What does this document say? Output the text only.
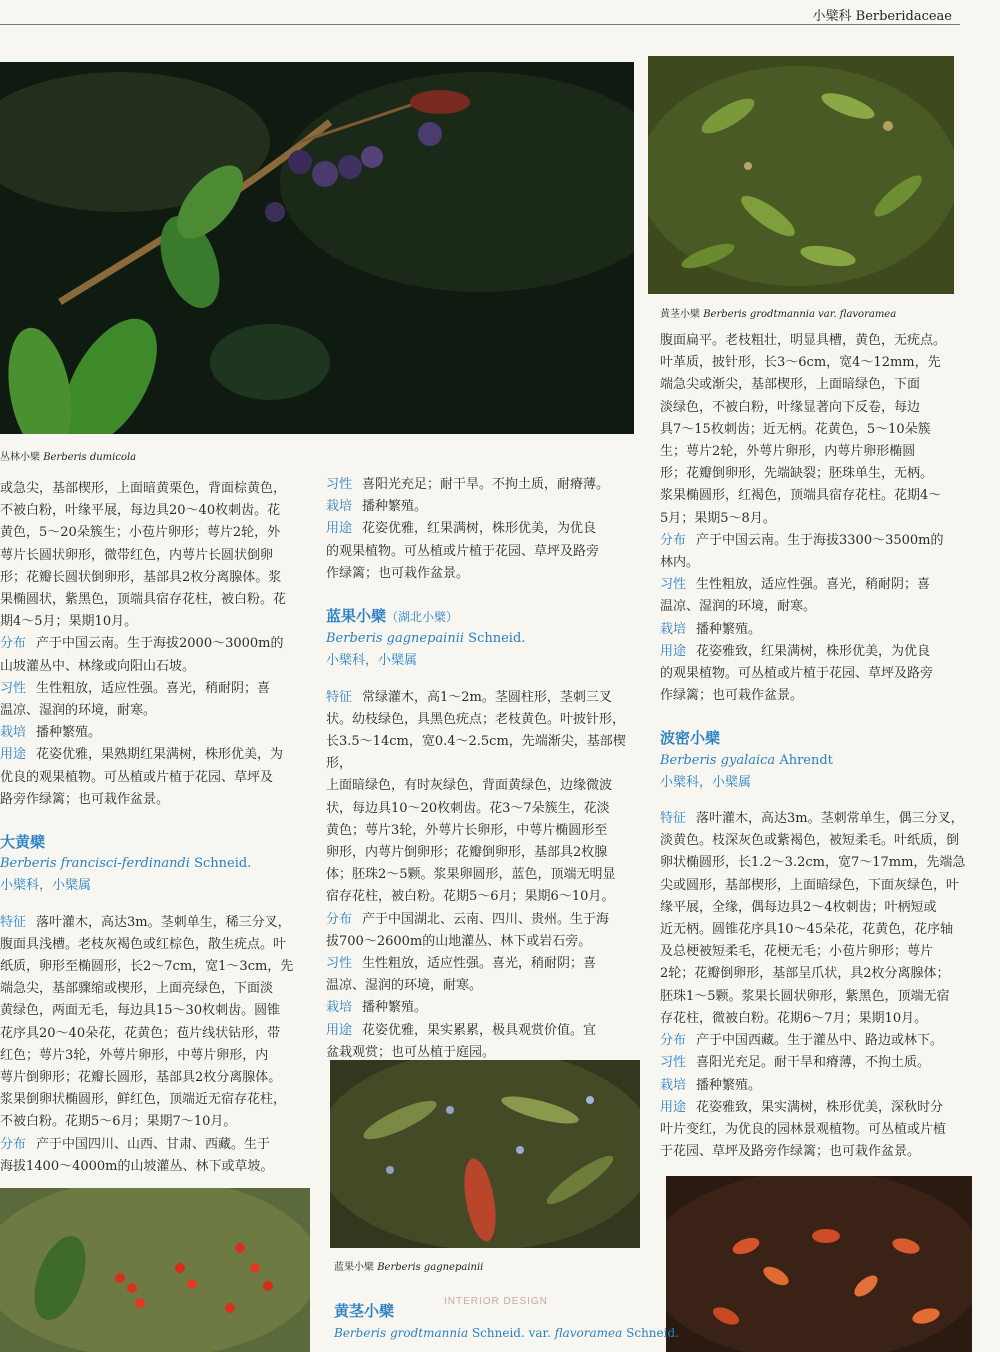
小檗科 Berberidaceae
丛林小檗 Berberis dumicola
黄茎小檗 Berberis grodtmannia var. flavoramea
蓝果小檗 Berberis gagnepainii

或急尖，基部楔形，上面暗黄栗色，背面棕黄色，

不被白粉，叶缘平展，每边具20～40枚刺齿。花

黄色，5～20朵簇生；小苞片卵形；萼片2轮，外

萼片长圆状卵形，微带红色，内萼片长圆状倒卵

形；花瓣长圆状倒卵形，基部具2枚分离腺体。浆

果椭圆状，紫黑色，顶端具宿存花柱，被白粉。花

期4～5月；果期10月。

分布 产于中国云南。生于海拔2000～3000m的

山坡灌丛中、林缘或向阳山石坡。

习性 生性粗放，适应性强。喜光，稍耐阴；喜

温凉、湿润的环境，耐寒。

栽培 播种繁殖。

用途 花姿优雅，果熟期红果满树，株形优美，为

优良的观果植物。可丛植或片植于花园、草坪及

路旁作绿篱；也可栽作盆景。

大黄檗

Berberis francisci-ferdinandi Schneid.

小檗科，小檗属

特征 落叶灌木，高达3m。茎刺单生，稀三分叉，

腹面具浅槽。老枝灰褐色或红棕色，散生疣点。叶

纸质，卵形至椭圆形，长2～7cm，宽1～3cm，先

端急尖，基部骤缩或楔形，上面亮绿色，下面淡

黄绿色，两面无毛，每边具15～30枚刺齿。圆锥

花序具20～40朵花，花黄色；苞片线状钻形，带

红色；萼片3轮，外萼片卵形，中萼片卵形，内

萼片倒卵形；花瓣长圆形，基部具2枚分离腺体。

浆果倒卵状椭圆形，鲜红色，顶端近无宿存花柱，

不被白粉。花期5～6月；果期7～10月。

分布 产于中国四川、山西、甘肃、西藏。生于

海拔1400～4000m的山坡灌丛、林下或草坡。

习性 喜阳光充足；耐干旱。不拘土质，耐瘠薄。

栽培 播种繁殖。

用途 花姿优雅，红果满树，株形优美，为优良

的观果植物。可丛植或片植于花园、草坪及路旁

作绿篱；也可栽作盆景。

蓝果小檗（湖北小檗）

Berberis gagnepainii Schneid.

小檗科，小檗属

特征 常绿灌木，高1～2m。茎圆柱形，茎刺三叉

状。幼枝绿色，具黑色疣点；老枝黄色。叶披针形，

长3.5～14cm，宽0.4～2.5cm，先端渐尖，基部楔形，

上面暗绿色，有时灰绿色，背面黄绿色，边缘微波

状，每边具10～20枚刺齿。花3～7朵簇生，花淡

黄色；萼片3轮，外萼片长卵形，中萼片椭圆形至

卵形，内萼片倒卵形；花瓣倒卵形，基部具2枚腺

体；胚珠2～5颗。浆果卵圆形，蓝色，顶端无明显

宿存花柱，被白粉。花期5～6月；果期6～10月。

分布 产于中国湖北、云南、四川、贵州。生于海

拔700～2600m的山地灌丛、林下或岩石旁。

习性 生性粗放，适应性强。喜光，稍耐阴；喜

温凉、湿润的环境，耐寒。

栽培 播种繁殖。

用途 花姿优雅，果实累累，极具观赏价值。宜

盆栽观赏；也可丛植于庭园。

INTERIOR DESIGN

黄茎小檗

Berberis grodtmannia Schneid. var. flavoramea Schneid.

腹面扁平。老枝粗壮，明显具槽，黄色，无疣点。

叶革质，披针形，长3～6cm，宽4～12mm，先

端急尖或渐尖，基部楔形，上面暗绿色，下面

淡绿色，不被白粉，叶缘显著向下反卷，每边

具7～15枚刺齿；近无柄。花黄色，5～10朵簇

生；萼片2轮，外萼片卵形，内萼片卵形椭圆

形；花瓣倒卵形，先端缺裂；胚珠单生，无柄。

浆果椭圆形，红褐色，顶端具宿存花柱。花期4～

5月；果期5～8月。

分布 产于中国云南。生于海拔3300～3500m的

林内。

习性 生性粗放，适应性强。喜光，稍耐阴；喜

温凉、湿润的环境，耐寒。

栽培 播种繁殖。

用途 花姿雅致，红果满树，株形优美，为优良

的观果植物。可丛植或片植于花园、草坪及路旁

作绿篱；也可栽作盆景。

波密小檗

Berberis gyalaica Ahrendt

小檗科，小檗属

特征 落叶灌木，高达3m。茎刺常单生，偶三分叉，

淡黄色。枝深灰色或紫褐色，被短柔毛。叶纸质，倒

卵状椭圆形，长1.2～3.2cm，宽7～17mm，先端急

尖或圆形，基部楔形，上面暗绿色，下面灰绿色，叶

缘平展，全缘，偶每边具2～4枚刺齿；叶柄短或

近无柄。圆锥花序具10～45朵花，花黄色，花序轴

及总梗被短柔毛，花梗无毛；小苞片卵形；萼片

2轮；花瓣倒卵形，基部呈爪状，具2枚分离腺体；

胚珠1～5颗。浆果长圆状卵形，紫黑色，顶端无宿

存花柱，微被白粉。花期6～7月；果期10月。

分布 产于中国西藏。生于灌丛中、路边或林下。

习性 喜阳光充足。耐干旱和瘠薄，不拘土质。

栽培 播种繁殖。

用途 花姿雅致，果实满树，株形优美，深秋时分

叶片变红，为优良的园林景观植物。可丛植或片植

于花园、草坪及路旁作绿篱；也可栽作盆景。
